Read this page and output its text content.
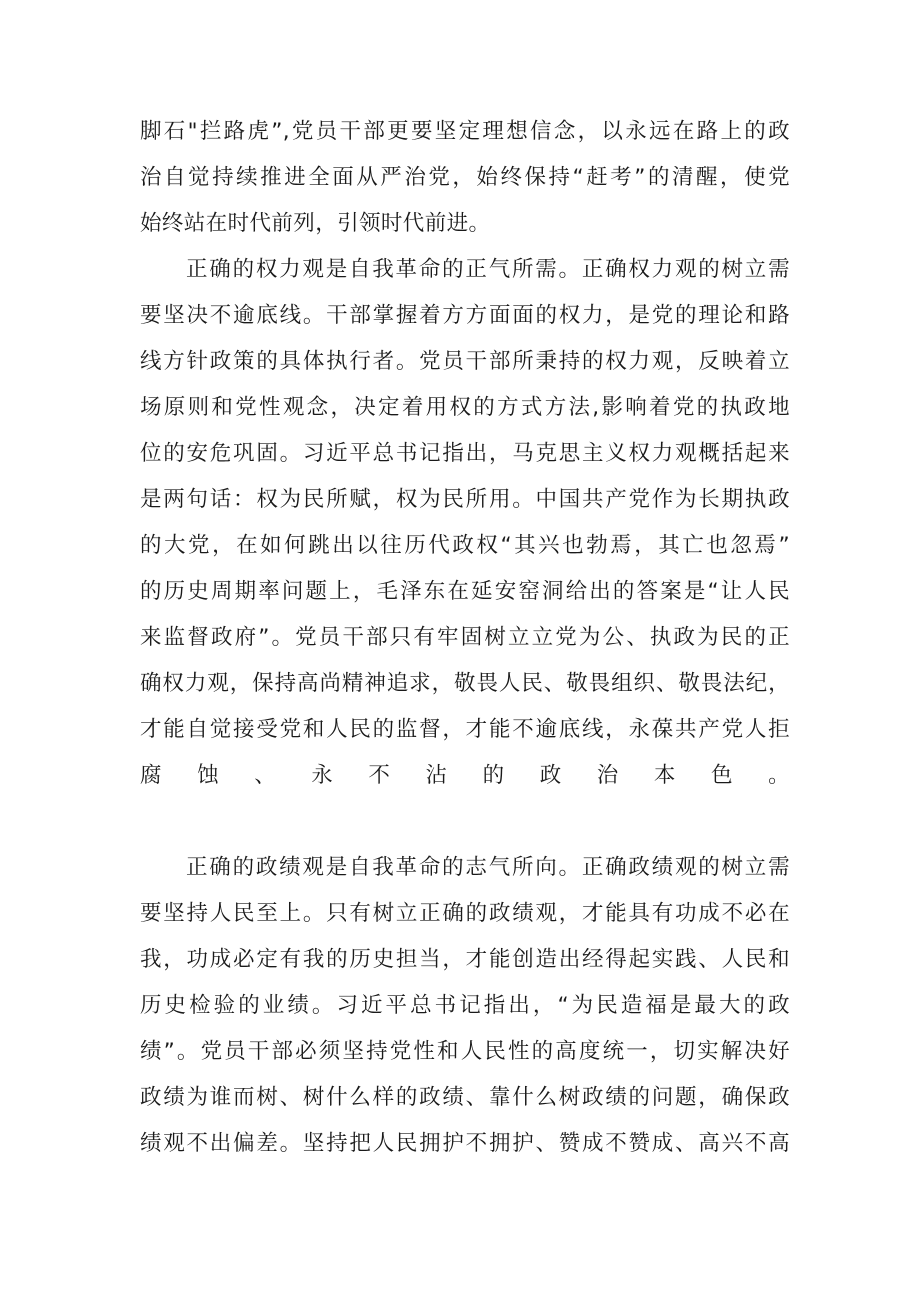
脚石"拦路虎”,党员干部更要坚定理想信念，以永远在路上的政
治自觉持续推进全面从严治党，始终保持“赶考”的清醒，使党
始终站在时代前列，引领时代前进。
正确的权力观是自我革命的正气所需。正确权力观的树立需
要坚决不逾底线。干部掌握着方方面面的权力，是党的理论和路
线方针政策的具体执行者。党员干部所秉持的权力观，反映着立
场原则和党性观念，决定着用权的方式方法,影响着党的执政地
位的安危巩固。习近平总书记指出，马克思主义权力观概括起来
是两句话：权为民所赋，权为民所用。中国共产党作为长期执政
的大党，在如何跳出以往历代政权“其兴也勃焉，其亡也忽焉”
的历史周期率问题上，毛泽东在延安窑洞给出的答案是“让人民
来监督政府”。党员干部只有牢固树立立党为公、执政为民的正
确权力观，保持高尚精神追求，敬畏人民、敬畏组织、敬畏法纪，
才能自觉接受党和人民的监督，才能不逾底线，永葆共产党人拒
腐蚀、永不沾的政治本色。
正确的政绩观是自我革命的志气所向。正确政绩观的树立需
要坚持人民至上。只有树立正确的政绩观，才能具有功成不必在
我，功成必定有我的历史担当，才能创造出经得起实践、人民和
历史检验的业绩。习近平总书记指出，“为民造福是最大的政
绩”。党员干部必须坚持党性和人民性的高度统一，切实解决好
政绩为谁而树、树什么样的政绩、靠什么树政绩的问题，确保政
绩观不出偏差。坚持把人民拥护不拥护、赞成不赞成、高兴不高
